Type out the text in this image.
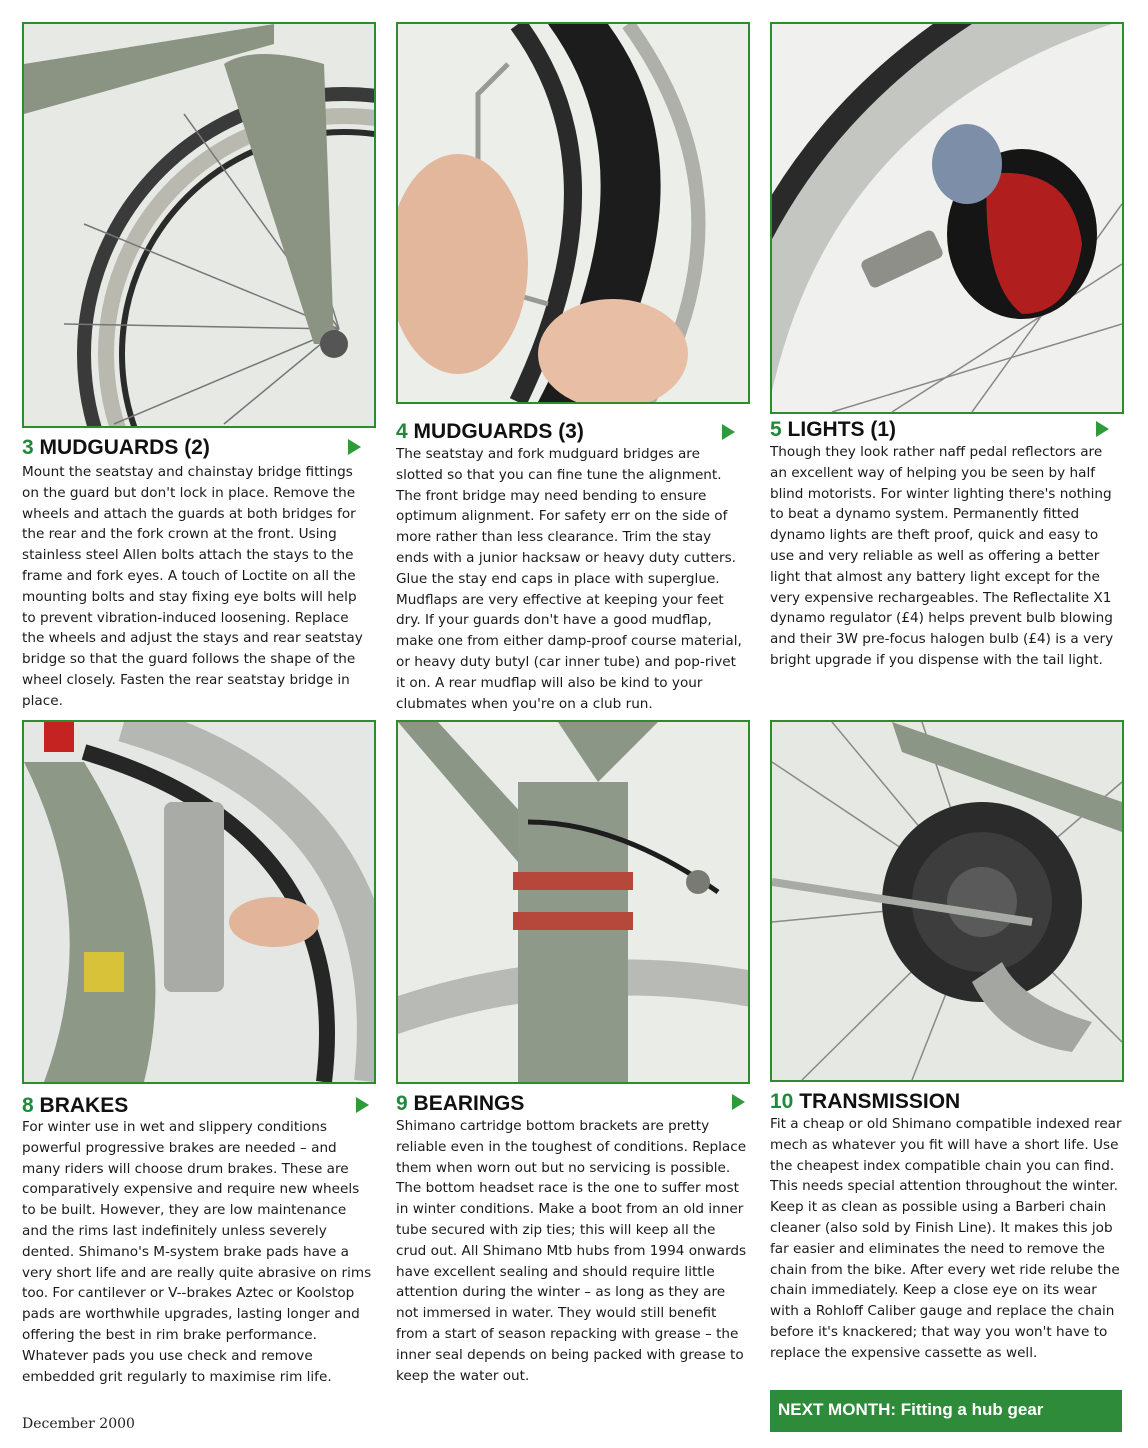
3 MUDGUARDS (2)
4 MUDGUARDS (3)	5 LIGHTS (1)

Mount the seatstay and chainstay bridge fittings on the guard but don't lock in place. Remove the wheels and attach the guards at both bridges for the rear and the fork crown at the front. Using stainless steel Allen bolts attach the stays to the frame and fork eyes. A touch of Loctite on all the mounting bolts and stay fixing eye bolts will help to prevent vibration-induced loosening. Replace the wheels and adjust the stays and rear seatstay bridge so that the guard follows the shape of the wheel closely. Fasten the rear seatstay bridge in place.

The seatstay and fork mudguard bridges are slotted so that you can fine tune the alignment. The front bridge may need bending to ensure optimum alignment. For safety err on the side of more rather than less clearance. Trim the stay ends with a junior hacksaw or heavy duty cutters. Glue the stay end caps in place with superglue. Mudflaps are very effective at keeping your feet dry. If your guards don't have a good mudflap, make one from either damp-proof course material, or heavy duty butyl (car inner tube) and pop-rivet it on. A rear mudflap will also be kind to your clubmates when you're on a club run.

Though they look rather naff pedal reflectors are an excellent way of helping you be seen by half blind motorists. For winter lighting there's nothing to beat a dynamo system. Permanently fitted dynamo lights are theft proof, quick and easy to use and very reliable as well as offering a better light that almost any battery light except for the very expensive rechargeables. The Reflectalite X1 dynamo regulator (£4) helps prevent bulb blowing and their 3W pre-focus halogen bulb (£4) is a very bright upgrade if you dispense with the tail light.

8 BRAKES	9 BEARINGS	10 TRANSMISSION

For winter use in wet and slippery conditions powerful progressive brakes are needed – and many riders will choose drum brakes. These are comparatively expensive and require new wheels to be built. However, they are low maintenance and the rims last indefinitely unless severely dented. Shimano's M-system brake pads have a very short life and are really quite abrasive on rims too. For cantilever or V--brakes Aztec or Koolstop pads are worthwhile upgrades, lasting longer and offering the best in rim brake performance. Whatever pads you use check and remove embedded grit regularly to maximise rim life.

Shimano cartridge bottom brackets are pretty reliable even in the toughest of conditions. Replace them when worn out but no servicing is possible. The bottom headset race is the one to suffer most in winter conditions. Make a boot from an old inner tube secured with zip ties; this will keep all the crud out. All Shimano Mtb hubs from 1994 onwards have excellent sealing and should require little attention during the winter – as long as they are not immersed in water. They would still benefit from a start of season repacking with grease – the inner seal depends on being packed with grease to keep the water out.

Fit a cheap or old Shimano compatible indexed rear mech as whatever you fit will have a short life. Use the cheapest index compatible chain you can find. This needs special attention throughout the winter. Keep it as clean as possible using a Barberi chain cleaner (also sold by Finish Line). It makes this job far easier and eliminates the need to remove the chain from the bike. After every wet ride relube the chain immediately. Keep a close eye on its wear with a Rohloff Caliber gauge and replace the chain before it's knackered; that way you won't have to replace the expensive cassette as well.

December 2000
NEXT MONTH: Fitting a hub gear
